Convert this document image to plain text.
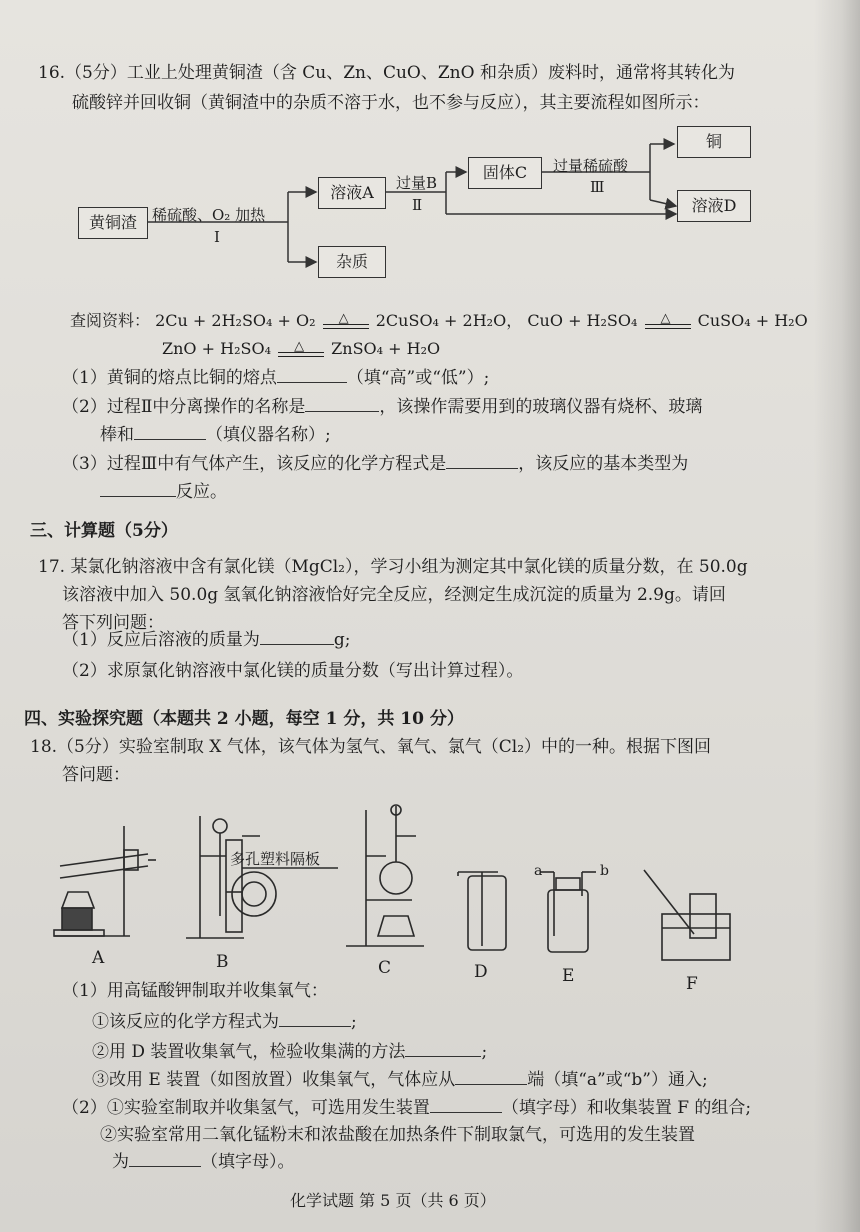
16.（5分）工业上处理黄铜渣（含 Cu、Zn、CuO、ZnO 和杂质）废料时，通常将其转化为
硫酸锌并回收铜（黄铜渣中的杂质不溶于水，也不参与反应），其主要流程如图所示：
黄铜渣
溶液A
杂质
固体C
铜
溶液D
稀硫酸、O₂ 加热
Ⅰ
过量B
Ⅱ
过量稀硫酸
Ⅲ
查阅资料： 2Cu + 2H₂SO₄ + O₂ △ 2CuSO₄ + 2H₂O， CuO + H₂SO₄ △ CuSO₄ + H₂O
ZnO + H₂SO₄ △ ZnSO₄ + H₂O
（1）黄铜的熔点比铜的熔点	（填“高”或“低”）;
（2）过程Ⅱ中分离操作的名称是	，该操作需要用到的玻璃仪器有烧杯、玻璃
棒和	（填仪器名称）;
（3）过程Ⅲ中有气体产生，该反应的化学方程式是	，该反应的基本类型为
反应。
三、计算题（5分）
17. 某氯化钠溶液中含有氯化镁（MgCl₂），学习小组为测定其中氯化镁的质量分数，在 50.0g
该溶液中加入 50.0g 氢氧化钠溶液恰好完全反应，经测定生成沉淀的质量为 2.9g。请回
答下列问题：
（1）反应后溶液的质量为	g;
（2）求原氯化钠溶液中氯化镁的质量分数（写出计算过程）。
四、实验探究题（本题共 2 小题，每空 1 分，共 10 分）
18.（5分）实验室制取 X 气体，该气体为氢气、氧气、氯气（Cl₂）中的一种。根据下图回
答问题：
多孔塑料隔板
a	b
A	B	C	D	E	F
（1）用高锰酸钾制取并收集氧气：
①该反应的化学方程式为	;
②用 D 装置收集氧气，检验收集满的方法	;
③改用 E 装置（如图放置）收集氧气，气体应从	端（填“a”或“b”）通入;
（2）①实验室制取并收集氢气，可选用发生装置	（填字母）和收集装置 F 的组合;
②实验室常用二氧化锰粉末和浓盐酸在加热条件下制取氯气，可选用的发生装置
为	（填字母）。
化学试题 第 5 页（共 6 页）
